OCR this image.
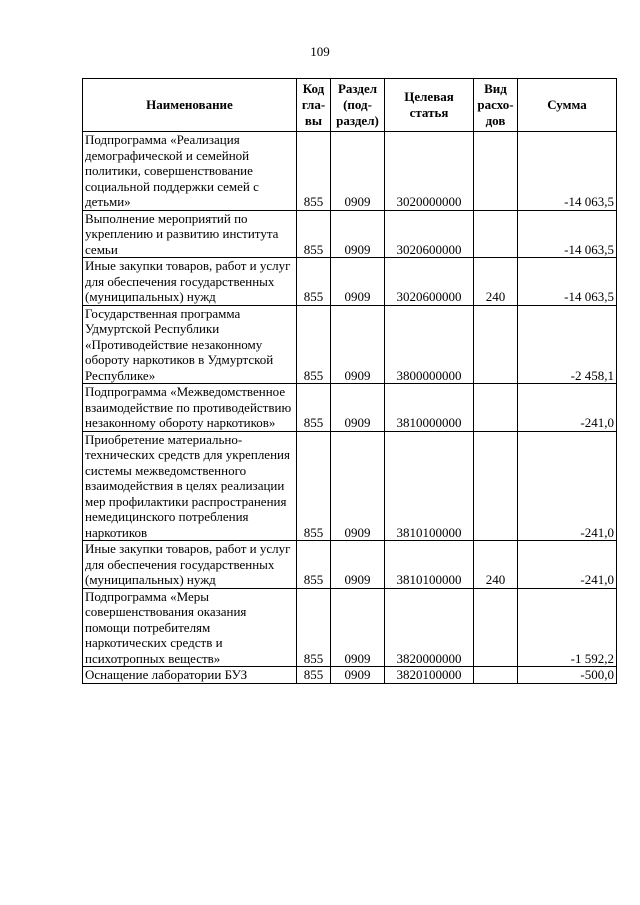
109
Наименование	Код гла-вы	Раздел (под-раздел)	Целевая статья	Вид расхо-дов	Сумма
Подпрограмма «Реализация демографической и семейной политики, совершенствование социальной поддержки семей с детьми»	855	0909	3020000000		-14 063,5
Выполнение мероприятий по укреплению и развитию института семьи	855	0909	3020600000		-14 063,5
Иные закупки товаров, работ и услуг для обеспечения государственных (муниципальных) нужд	855	0909	3020600000	240	-14 063,5
Государственная программа Удмуртской Республики «Противодействие незаконному обороту наркотиков в Удмуртской Республике»	855	0909	3800000000		-2 458,1
Подпрограмма «Межведомственное взаимодействие по противодействию незаконному обороту наркотиков»	855	0909	3810000000		-241,0
Приобретение материально-технических средств для укрепления системы межведомственного взаимодействия в целях реализации мер профилактики распространения немедицинского потребления наркотиков	855	0909	3810100000		-241,0
Иные закупки товаров, работ и услуг для обеспечения государственных (муниципальных) нужд	855	0909	3810100000	240	-241,0
Подпрограмма «Меры совершенствования оказания помощи потребителям наркотических средств и психотропных веществ»	855	0909	3820000000		-1 592,2
Оснащение лаборатории БУЗ	855	0909	3820100000		-500,0
